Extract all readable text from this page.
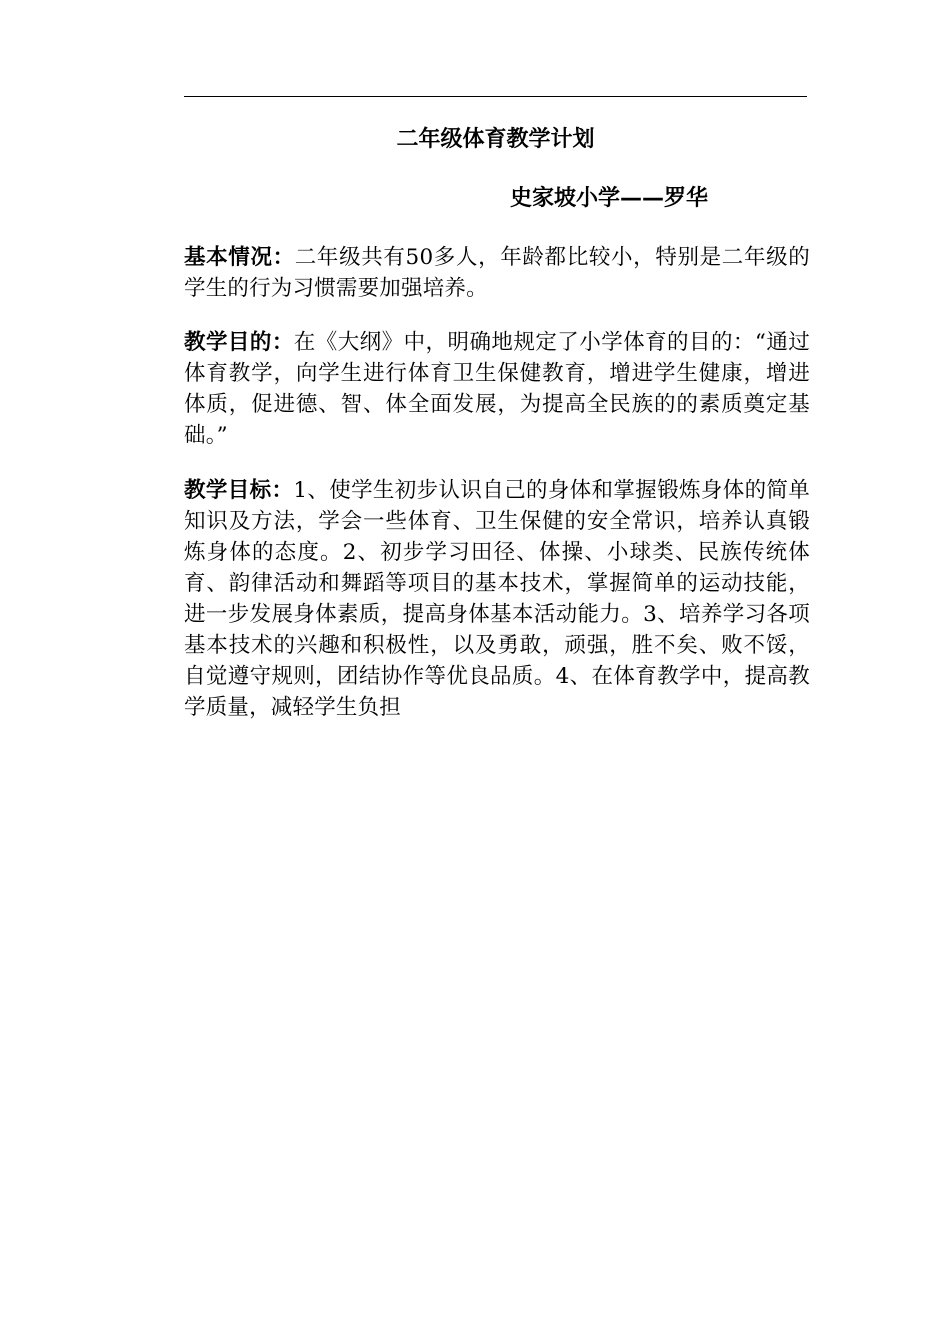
二年级体育教学计划
史家坡小学——罗华

基本情况：二年级共有50多人，年龄都比较小，特别是二年级的学生的行为习惯需要加强培养。

教学目的：在《大纲》中，明确地规定了小学体育的目的：“通过体育教学，向学生进行体育卫生保健教育，增进学生健康，增进体质，促进德、智、体全面发展，为提高全民族的的素质奠定基础。”

教学目标：1、使学生初步认识自己的身体和掌握锻炼身体的简单知识及方法，学会一些体育、卫生保健的安全常识，培养认真锻炼身体的态度。2、初步学习田径、体操、小球类、民族传统体育、韵律活动和舞蹈等项目的基本技术，掌握简单的运动技能，进一步发展身体素质，提高身体基本活动能力。3、培养学习各项基本技术的兴趣和积极性，以及勇敢，顽强，胜不矣、败不馁，自觉遵守规则，团结协作等优良品质。4、在体育教学中，提高教学质量，减轻学生负担
